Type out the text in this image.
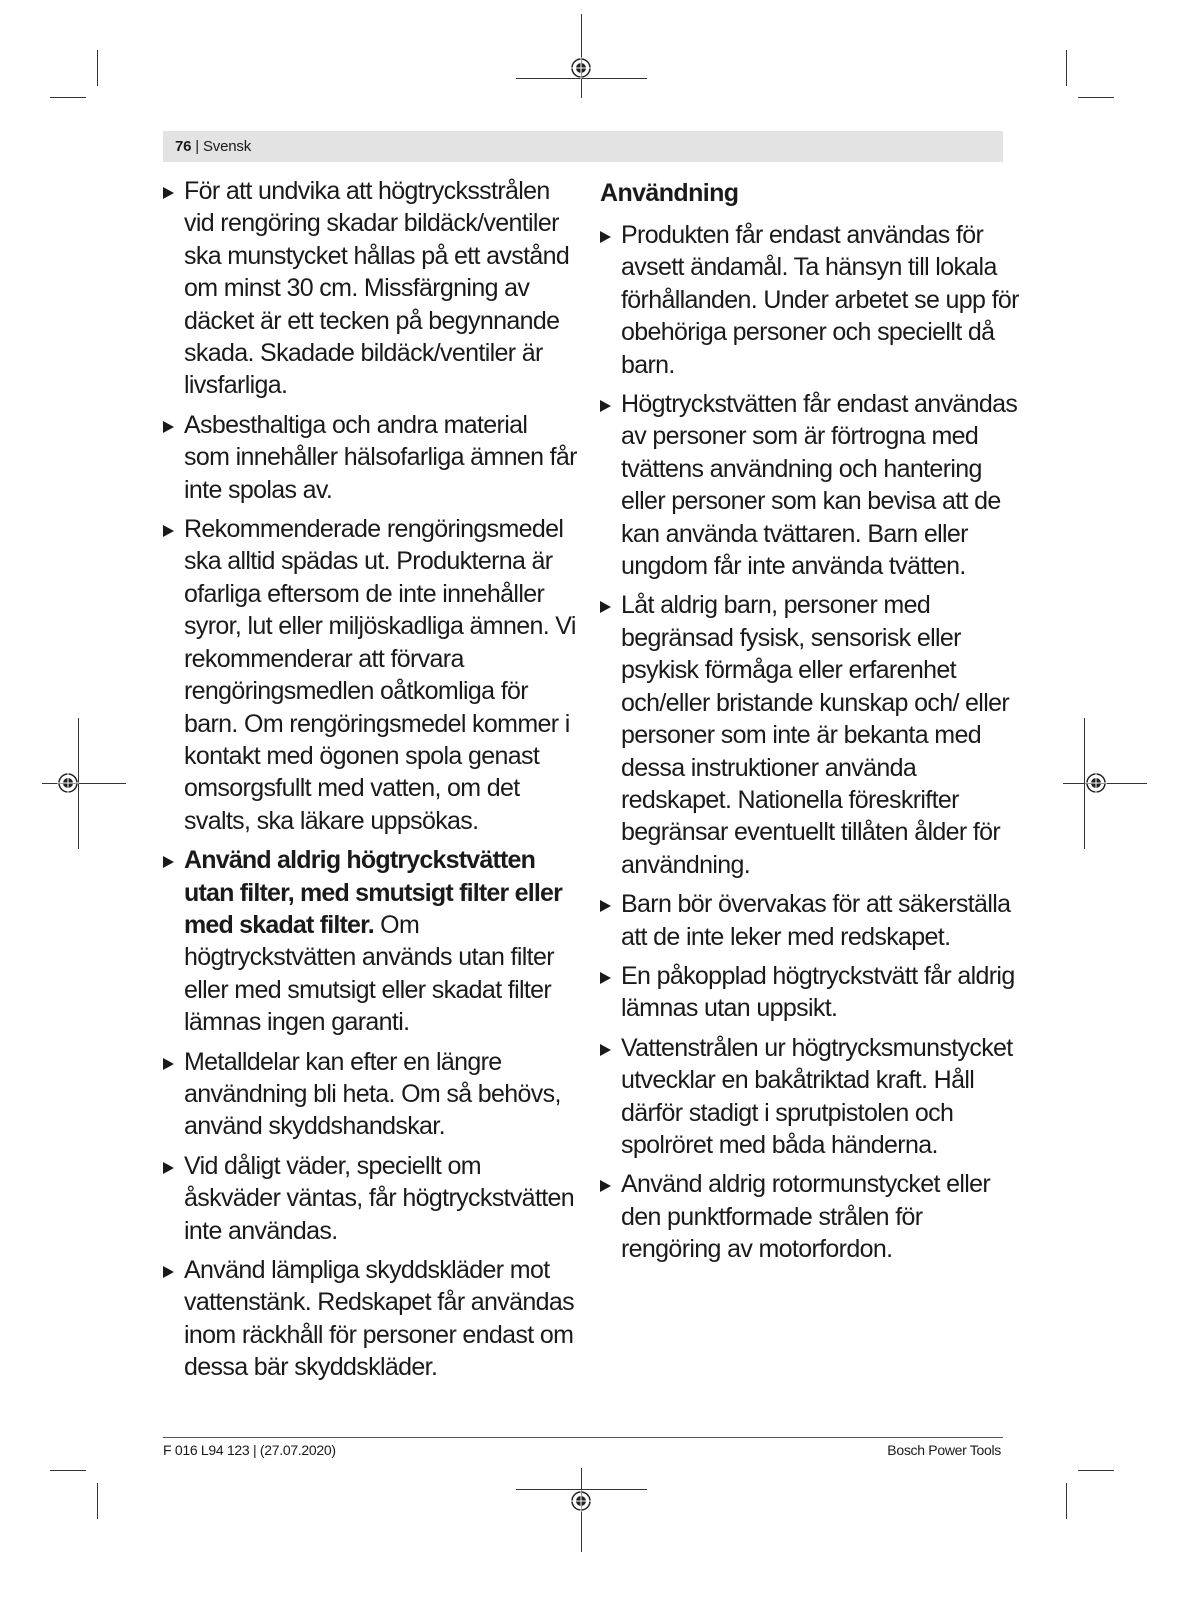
76 | Svensk
För att undvika att högtrycksstrålen vid rengöring skadar bildäck/ventiler ska munstycket hållas på ett avstånd om minst 30 cm. Missfärgning av däcket är ett tecken på begynnande skada. Skadade bildäck/ventiler är livsfarliga.
Asbesthaltiga och andra material som innehåller hälsofarliga ämnen får inte spolas av.
Rekommenderade rengöringsmedel ska alltid spädas ut. Produkterna är ofarliga eftersom de inte innehåller syror, lut eller miljöskadliga ämnen. Vi rekommenderar att förvara rengöringsmedlen oåtkomliga för barn. Om rengöringsmedel kommer i kontakt med ögonen spola genast omsorgsfullt med vatten, om det svalts, ska läkare uppsökas.
Använd aldrig högtryckstvätten utan filter, med smutsigt filter eller med skadat filter. Om högtryckstvätten används utan filter eller med smutsigt eller skadat filter lämnas ingen garanti.
Metalldelar kan efter en längre användning bli heta. Om så behövs, använd skyddshandskar.
Vid dåligt väder, speciellt om åskväder väntas, får högtryckstvätten inte användas.
Använd lämpliga skyddskläder mot vattenstänk. Redskapet får användas inom räckhåll för personer endast om dessa bär skyddskläder.
Användning
Produkten får endast användas för avsett ändamål. Ta hänsyn till lokala förhållanden. Under arbetet se upp för obehöriga personer och speciellt då barn.
Högtryckstvätten får endast användas av personer som är förtrogna med tvättens användning och hantering eller personer som kan bevisa att de kan använda tvättaren. Barn eller ungdom får inte använda tvätten.
Låt aldrig barn, personer med begränsad fysisk, sensorisk eller psykisk förmåga eller erfarenhet och/eller bristande kunskap och/ eller personer som inte är bekanta med dessa instruktioner använda redskapet. Nationella föreskrifter begränsar eventuellt tillåten ålder för användning.
Barn bör övervakas för att säkerställa att de inte leker med redskapet.
En påkopplad högtryckstvätt får aldrig lämnas utan uppsikt.
Vattenstrålen ur högtrycksmunstycket utvecklar en bakåtriktad kraft. Håll därför stadigt i sprutpistolen och spolröret med båda händerna.
Använd aldrig rotormunstycket eller den punktformade strålen för rengöring av motorfordon.
F 016 L94 123 | (27.07.2020)	Bosch Power Tools
